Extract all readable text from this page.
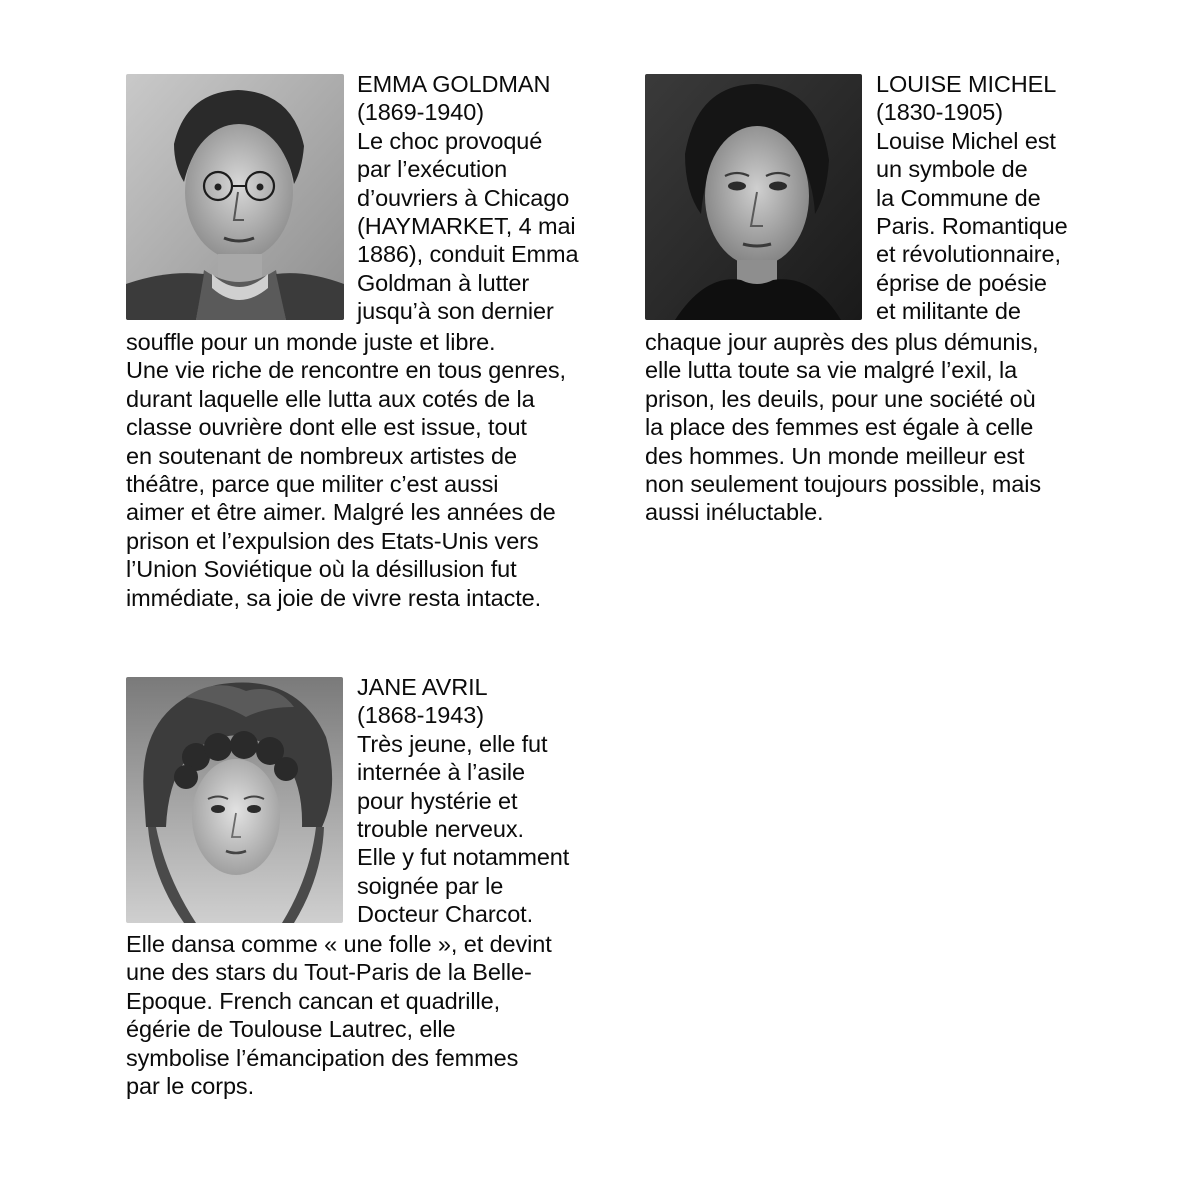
EMMA GOLDMAN
(1869-1940)
Le choc provoqué
par l’exécution
d’ouvriers à Chicago
(HAYMARKET, 4 mai
1886), conduit Emma
Goldman à lutter
jusqu’à son dernier
souffle pour un monde juste et libre.
Une vie riche de rencontre en tous genres,
durant laquelle elle lutta aux cotés de la
classe ouvrière dont elle est issue, tout
en soutenant de nombreux artistes de
théâtre, parce que militer c’est aussi
aimer et être aimer. Malgré les années de
prison et l’expulsion des Etats-Unis vers
l’Union Soviétique où la désillusion fut
immédiate, sa joie de vivre resta intacte.
LOUISE MICHEL
(1830-1905)
Louise Michel est
un symbole de
la Commune de
Paris. Romantique
et révolutionnaire,
éprise de poésie
et militante de
chaque jour auprès des plus démunis,
elle lutta toute sa vie malgré l’exil, la
prison, les deuils, pour une société où
la place des femmes est égale à celle
des hommes. Un monde meilleur est
non seulement toujours possible, mais
aussi inéluctable.
JANE AVRIL
(1868-1943)
Très jeune, elle fut
internée à l’asile
pour hystérie et
trouble nerveux.
Elle y fut notamment
soignée par le
Docteur Charcot.
Elle dansa comme « une folle », et devint
une des stars du Tout-Paris de la Belle-
Epoque. French cancan et quadrille,
égérie de Toulouse Lautrec, elle
symbolise l’émancipation des femmes
par le corps.
